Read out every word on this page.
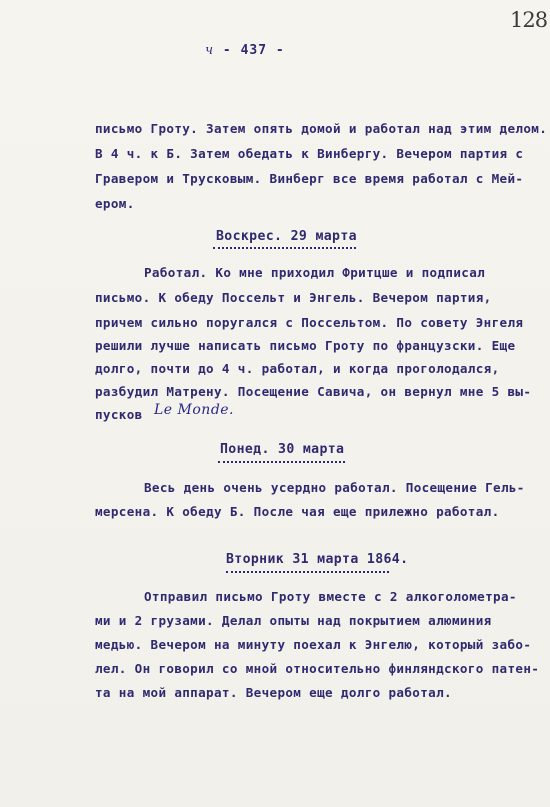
128
ч - 437 -
письмо Гроту. Затем опять домой и работал над этим делом.
В 4 ч. к Б. Затем обедать к Винбергу. Вечером партия с
Гравером и Трусковым. Винберг все время работал с Мей-
ером.
Воскрес. 29 марта
Работал. Ко мне приходил Фритцше и подписал
письмо. К обеду Поссельт и Энгель. Вечером партия,
причем сильно поругался с Поссельтом. По совету Энгеля
решили лучше написать письмо Гроту по французски. Еще
долго, почти до 4 ч. работал, и когда проголодался,
разбудил Матрену. Посещение Савича, он вернул мне 5 вы-
пусков Le Monde.
Понед. 30 марта
Весь день очень усердно работал. Посещение Гель-
мерсена. К обеду Б. После чая еще прилежно работал.
Вторник 31 марта 1864.
Отправил письмо Гроту вместе с 2 алкоголометра-
ми и 2 грузами. Делал опыты над покрытием алюминия
медью. Вечером на минуту поехал к Энгелю, который забо-
лел. Он говорил со мной относительно финляндского патен-
та на мой аппарат. Вечером еще долго работал.
